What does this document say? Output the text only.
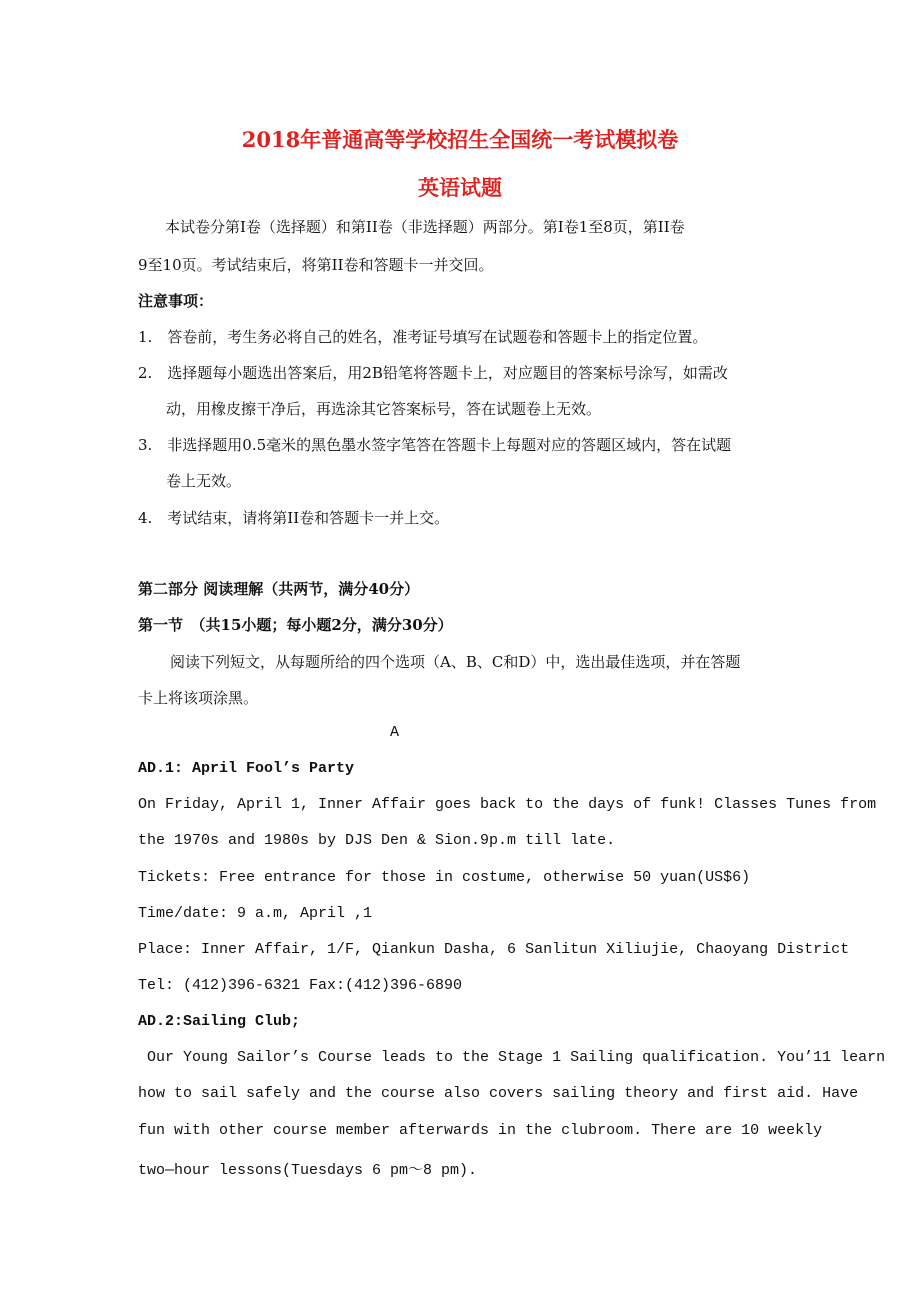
2018年普通高等学校招生全国统一考试模拟卷
英语试题
本试卷分第Ⅰ卷（选择题）和第II卷（非选择题）两部分。第Ⅰ卷1至8页，第II卷
9至10页。考试结束后，将第II卷和答题卡一并交回。
注意事项：
1.　答卷前，考生务必将自己的姓名，准考证号填写在试题卷和答题卡上的指定位置。
2.　选择题每小题选出答案后，用2B铅笔将答题卡上，对应题目的答案标号涂写，如需改
动，用橡皮擦干净后，再选涂其它答案标号，答在试题卷上无效。
3.　非选择题用0.5毫米的黑色墨水签字笔答在答题卡上每题对应的答题区域内，答在试题
卷上无效。
4.　考试结束，请将第II卷和答题卡一并上交。
第二部分 阅读理解（共两节，满分40分）
第一节　（共15小题；每小题2分，满分30分）
阅读下列短文，从每题所给的四个选项（A、B、C和D）中，选出最佳选项，并在答题
卡上将该项涂黑。
A
AD.1: April Fool’s Party
On Friday, April 1, Inner Affair goes back to the days of funk! Classes Tunes from
the 1970s and 1980s by DJS Den & Sion.9p.m till late.
Tickets: Free entrance for those in costume, otherwise 50 yuan(US$6)
Time/date: 9 a.m, April ,1
Place: Inner Affair, 1/F, Qiankun Dasha, 6 Sanlitun Xiliujie, Chaoyang District
Tel: (412)396-6321 Fax:(412)396-6890
AD.2:Sailing Club;
Our Young Sailor’s Course leads to the Stage 1 Sailing qualification. You’11 learn
how to sail safely and the course also covers sailing theory and first aid. Have
fun with other course member afterwards in the clubroom. There are 10 weekly
two—hour lessons(Tuesdays 6 pm～8 pm).
